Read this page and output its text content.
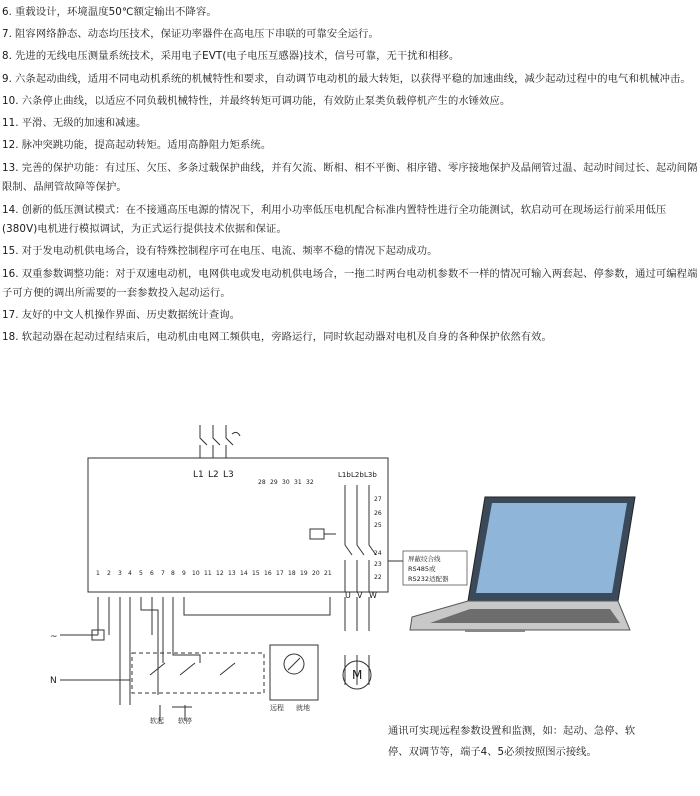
6. 重载设计，环境温度50℃额定输出不降容。
7. 阻容网络静态、动态均压技术，保证功率器件在高电压下串联的可靠安全运行。
8. 先进的无线电压测量系统技术，采用电子EVT(电子电压互感器)技术，信号可靠，无干扰和相移。
9. 六条起动曲线，适用不同电动机系统的机械特性和要求，自动调节电动机的最大转矩，以获得平稳的加速曲线，减少起动过程中的电气和机械冲击。
10. 六条停止曲线，以适应不同负载机械特性，并最终转矩可调功能，有效防止泵类负载停机产生的水锤效应。
11. 平滑、无级的加速和减速。
12. 脉冲突跳功能，提高起动转矩。适用高静阻力矩系统。
13. 完善的保护功能：有过压、欠压、多条过载保护曲线，并有欠流、断相、相不平衡、相序错、零序接地保护及晶闸管过温、起动时间过长、起动间隔限制、晶闸管故障等保护。
14. 创新的低压测试模式：在不接通高压电源的情况下，利用小功率低压电机配合标准内置特性进行全功能测试，软启动可在现场运行前采用低压(380V)电机进行模拟调试，为正式运行提供技术依据和保证。
15. 对于发电动机供电场合，设有特殊控制程序可在电压、电流、频率不稳的情况下起动成功。
16. 双重参数调整功能：对于双速电动机，电网供电或发电动机供电场合，一拖二时两台电动机参数不一样的情况可输入两套起、停参数，通过可编程端子可方便的调出所需要的一套参数投入起动运行。
17. 友好的中文人机操作界面、历史数据统计查询。
18. 软起动器在起动过程结束后，电动机由电网工频供电，旁路运行，同时软起动器对电机及自身的各种保护依然有效。
L1 L2 L3	L1b L2b L3b
U V W
M
~
N
远程 就地
软起 软停
28 29 30 31 32
27
26
25
24
23
22
1 2 3 4 5 6 7 8 9 10 11 12 13 14 15 16 17 18 19 20 21
屏蔽绞合线
RS485或
RS232适配器

通讯可实现远程参数设置和监测，如：起动、急停、软停、双调节等，端子4、5必须按照图示接线。
